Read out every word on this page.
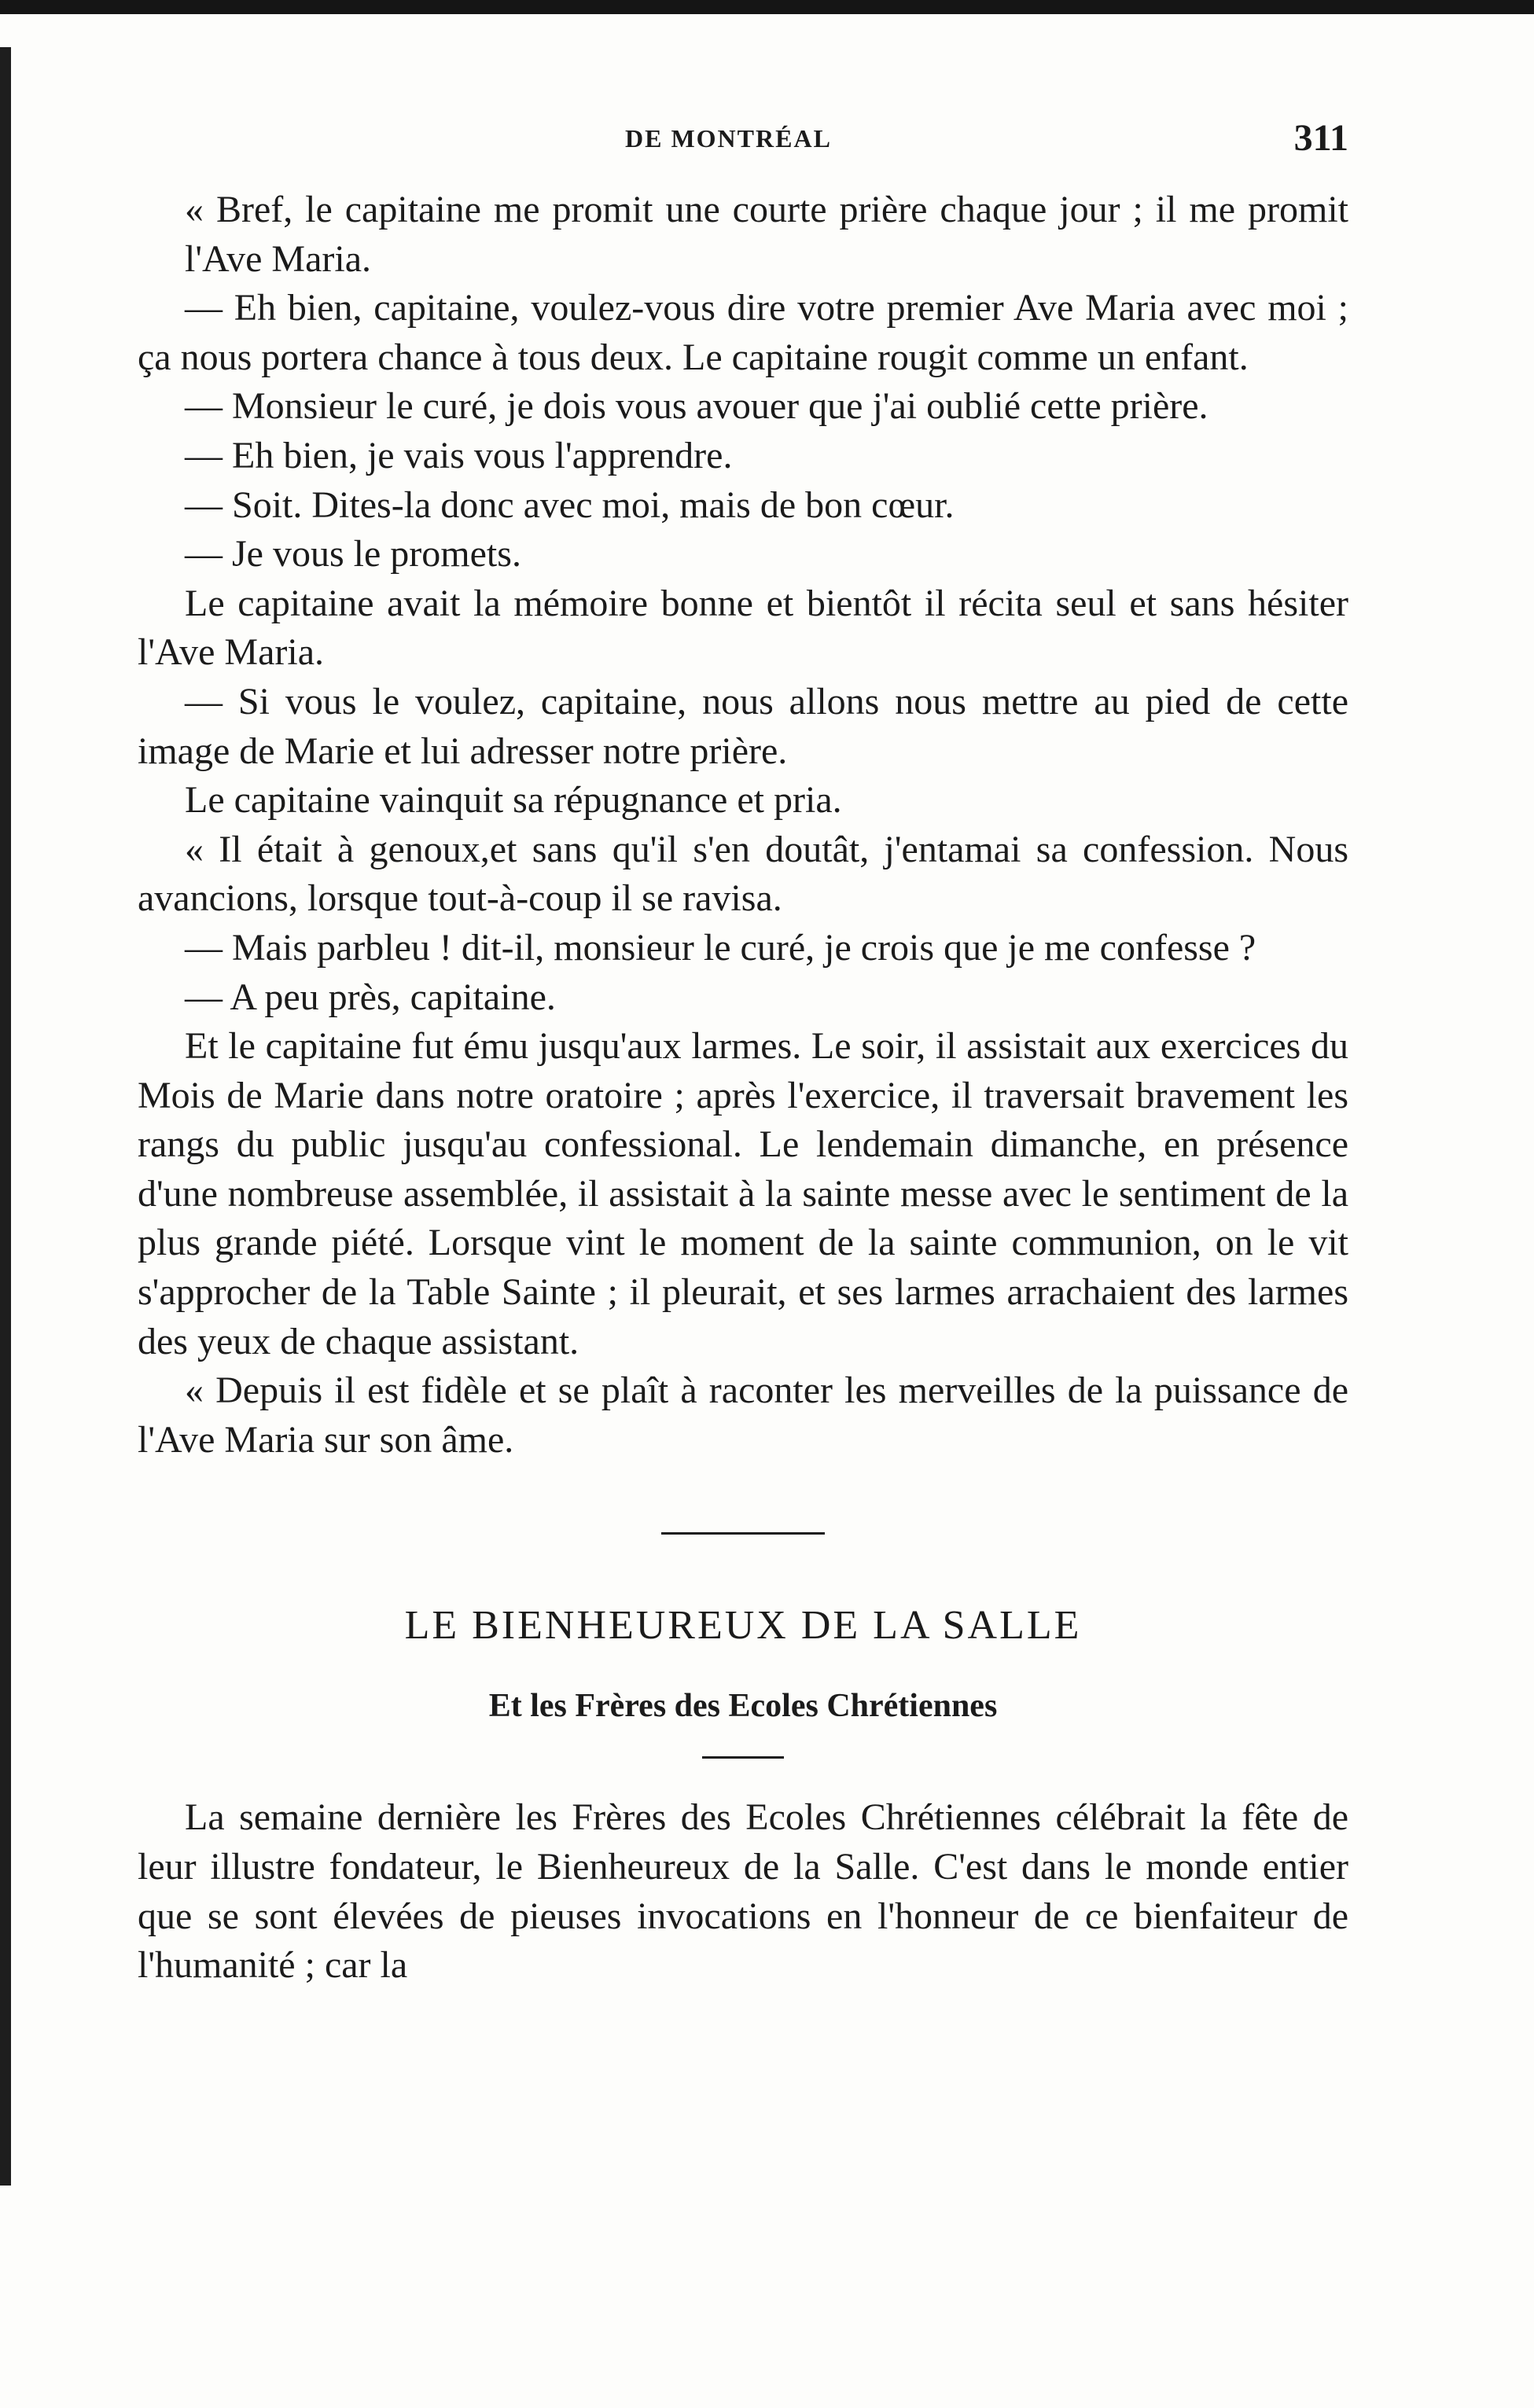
DE MONTRÉAL	311

« Bref, le capitaine me promit une courte prière chaque jour ; il me promit l'Ave Maria.

— Eh bien, capitaine, voulez-vous dire votre premier Ave Maria avec moi ; ça nous portera chance à tous deux. Le capitaine rougit comme un enfant.

— Monsieur le curé, je dois vous avouer que j'ai oublié cette prière.

— Eh bien, je vais vous l'apprendre.

— Soit. Dites-la donc avec moi, mais de bon cœur.

— Je vous le promets.

Le capitaine avait la mémoire bonne et bientôt il récita seul et sans hésiter l'Ave Maria.

— Si vous le voulez, capitaine, nous allons nous mettre au pied de cette image de Marie et lui adresser notre prière.

Le capitaine vainquit sa répugnance et pria.

« Il était à genoux,et sans qu'il s'en doutât, j'entamai sa confession. Nous avancions, lorsque tout-à-coup il se ravisa.

— Mais parbleu ! dit-il, monsieur le curé, je crois que je me confesse ?

— A peu près, capitaine.

Et le capitaine fut ému jusqu'aux larmes. Le soir, il assistait aux exercices du Mois de Marie dans notre oratoire ; après l'exercice, il traversait bravement les rangs du public jusqu'au confessional. Le lendemain dimanche, en présence d'une nombreuse assemblée, il assistait à la sainte messe avec le sentiment de la plus grande piété. Lorsque vint le moment de la sainte communion, on le vit s'approcher de la Table Sainte ; il pleurait, et ses larmes arrachaient des larmes des yeux de chaque assistant.

« Depuis il est fidèle et se plaît à raconter les merveilles de la puissance de l'Ave Maria sur son âme.

LE BIENHEUREUX DE LA SALLE
Et les Frères des Ecoles Chrétiennes

La semaine dernière les Frères des Ecoles Chrétiennes célébrait la fête de leur illustre fondateur, le Bienheureux de la Salle. C'est dans le monde entier que se sont élevées de pieuses invocations en l'honneur de ce bienfaiteur de l'humanité ; car la
